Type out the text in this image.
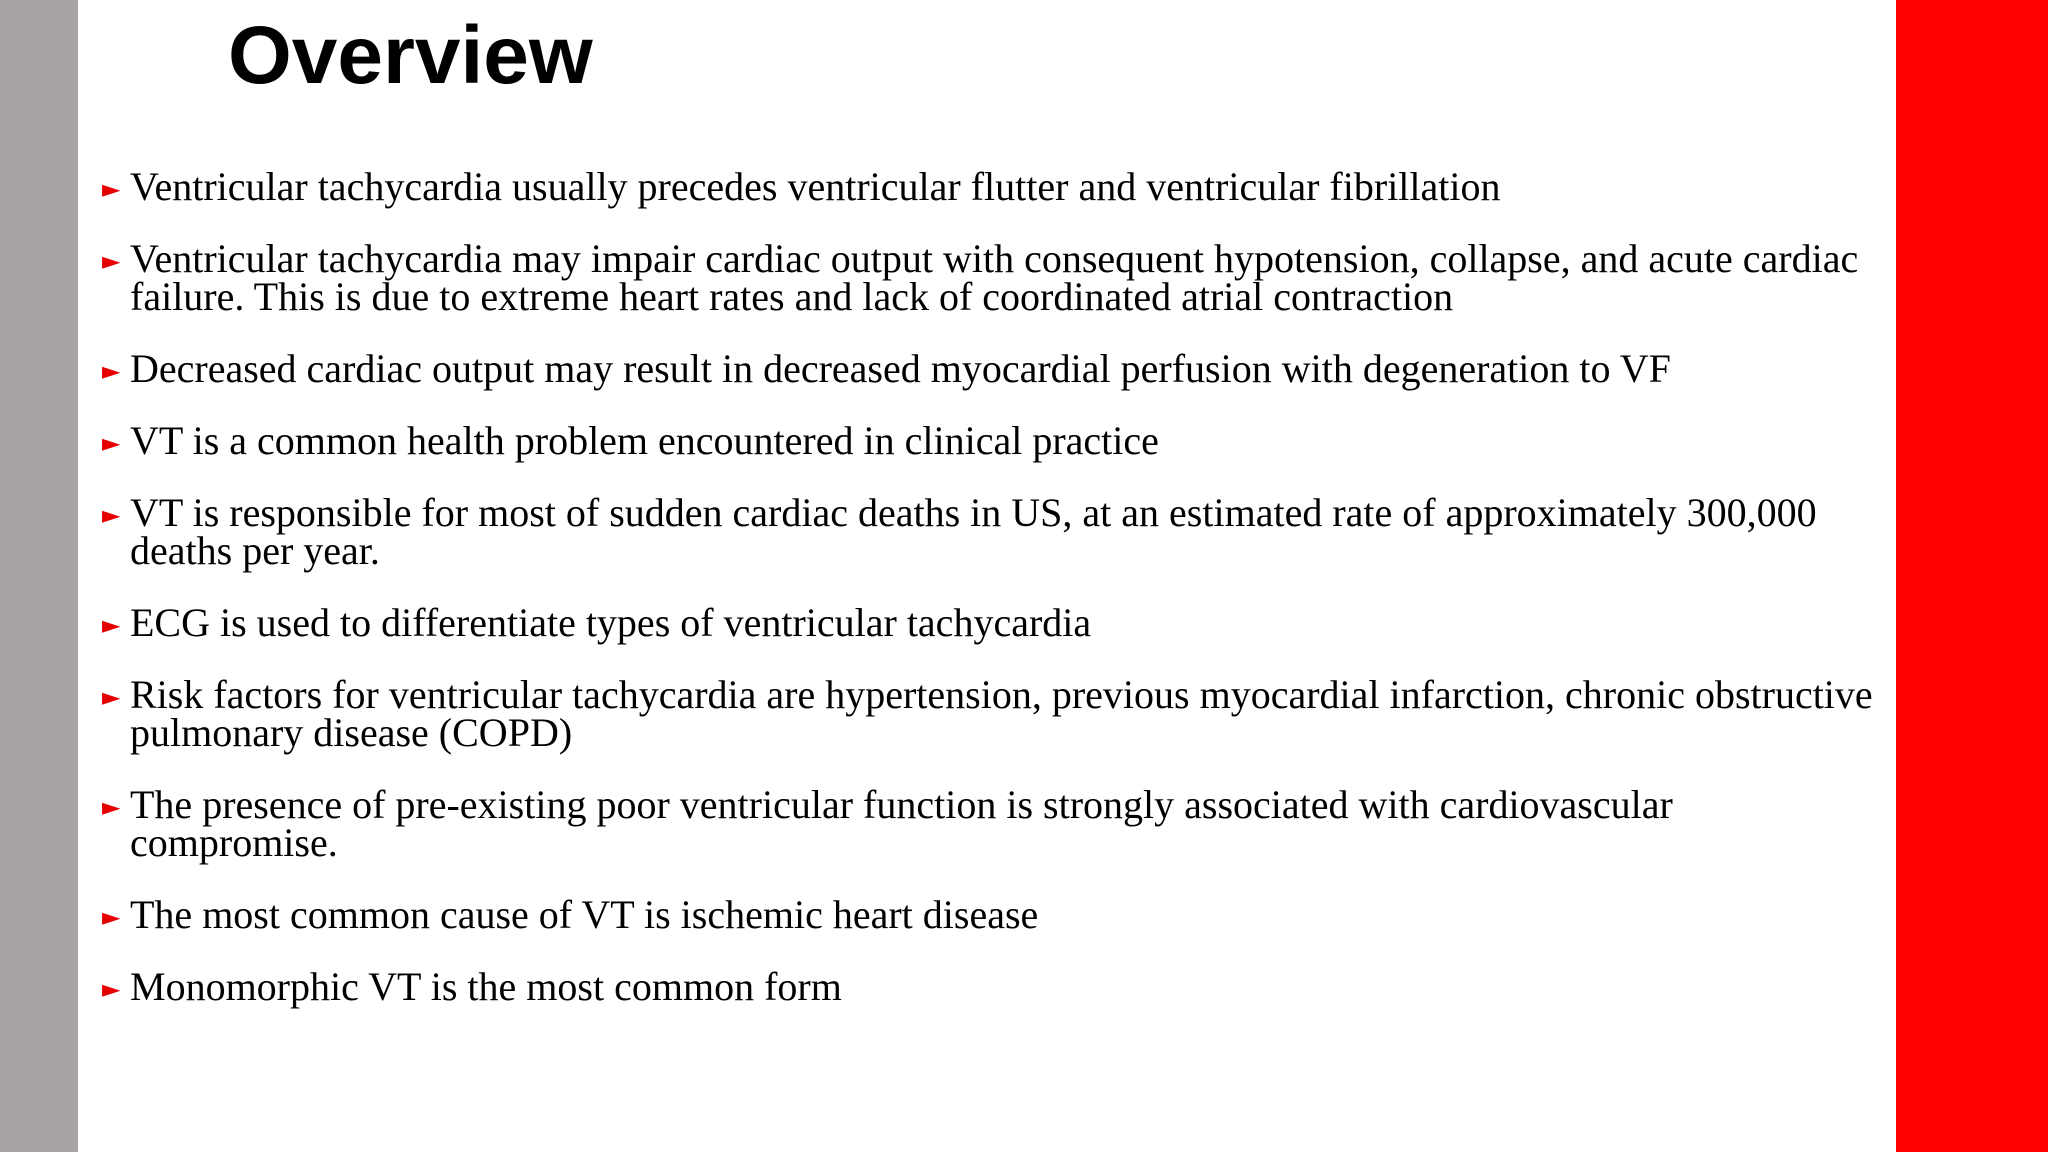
Overview
► Ventricular tachycardia usually precedes ventricular flutter and ventricular fibrillation
► Ventricular tachycardia may impair cardiac output with consequent hypotension, collapse, and acute cardiac failure. This is due to extreme heart rates and lack of coordinated atrial contraction
► Decreased cardiac output may result in decreased myocardial perfusion with degeneration to VF
► VT is a common health problem encountered in clinical practice
► VT is responsible for most of sudden cardiac deaths in US, at an estimated rate of approximately 300,000 deaths per year.
► ECG is used to differentiate types of ventricular tachycardia
► Risk factors for ventricular tachycardia are hypertension, previous myocardial infarction, chronic obstructive pulmonary disease (COPD)
► The presence of pre-existing poor ventricular function is strongly associated with cardiovascular compromise.
► The most common cause of VT is ischemic heart disease
► Monomorphic VT is the most common form
